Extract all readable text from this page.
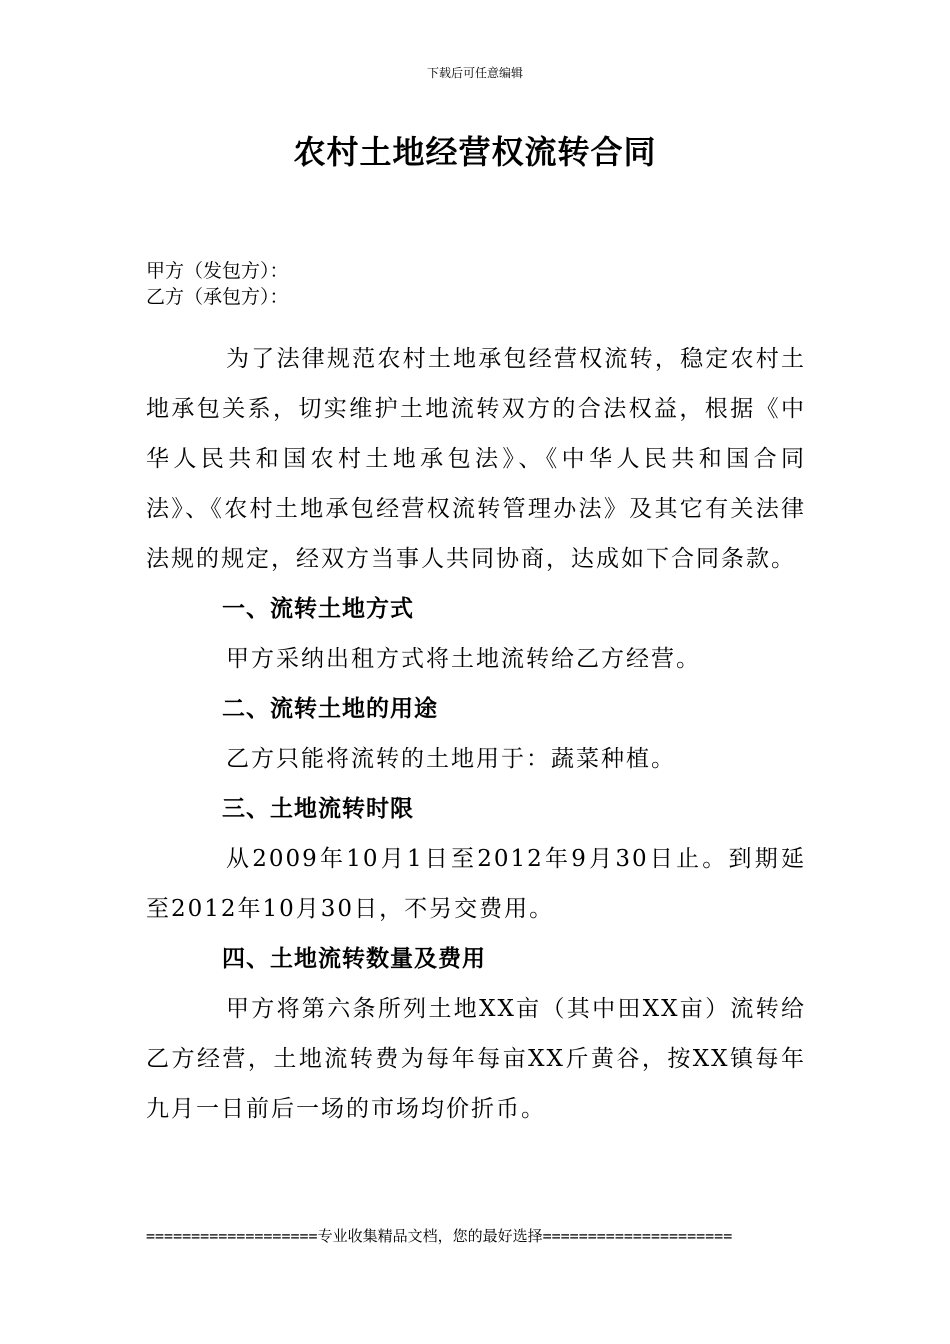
下载后可任意编辑
农村土地经营权流转合同
甲方（发包方）：
乙方（承包方）：

为了法律规范农村土地承包经营权流转，稳定农村土地承包关系，切实维护土地流转双方的合法权益，根据《中华人民共和国农村土地承包法》、《中华人民共和国合同法》、《农村土地承包经营权流转管理办法》及其它有关法律法规的规定，经双方当事人共同协商，达成如下合同条款。

一、流转土地方式

甲方采纳出租方式将土地流转给乙方经营。

二、流转土地的用途

乙方只能将流转的土地用于：蔬菜种植。

三、土地流转时限

从2009年10月1日至2012年9月30日止。到期延至2012年10月30日，不另交费用。

四、土地流转数量及费用

甲方将第六条所列土地XX亩（其中田XX亩）流转给乙方经营，土地流转费为每年每亩XX斤黄谷，按XX镇每年九月一日前后一场的市场均价折币。

===================专业收集精品文档，您的最好选择=====================
